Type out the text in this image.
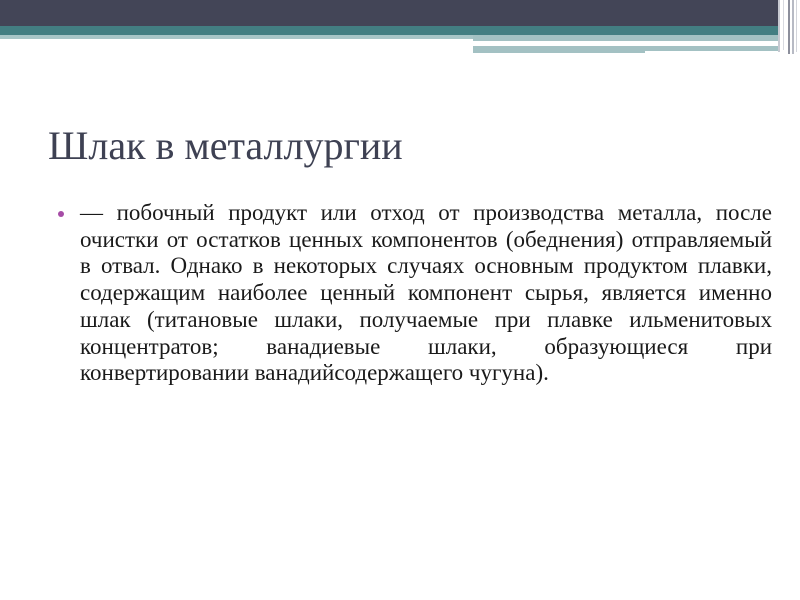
Шлак в металлургии
— побочный продукт или отход от производства металла, после очистки от остатков ценных компонентов (обеднения) отправляемый в отвал. Однако в некоторых случаях основным продуктом плавки, содержащим наиболее ценный компонент сырья, является именно шлак (титановые шлаки, получаемые при плавке ильменитовых концентратов; ванадиевые шлаки, образующиеся при конвертировании ванадийсодержащего чугуна).
